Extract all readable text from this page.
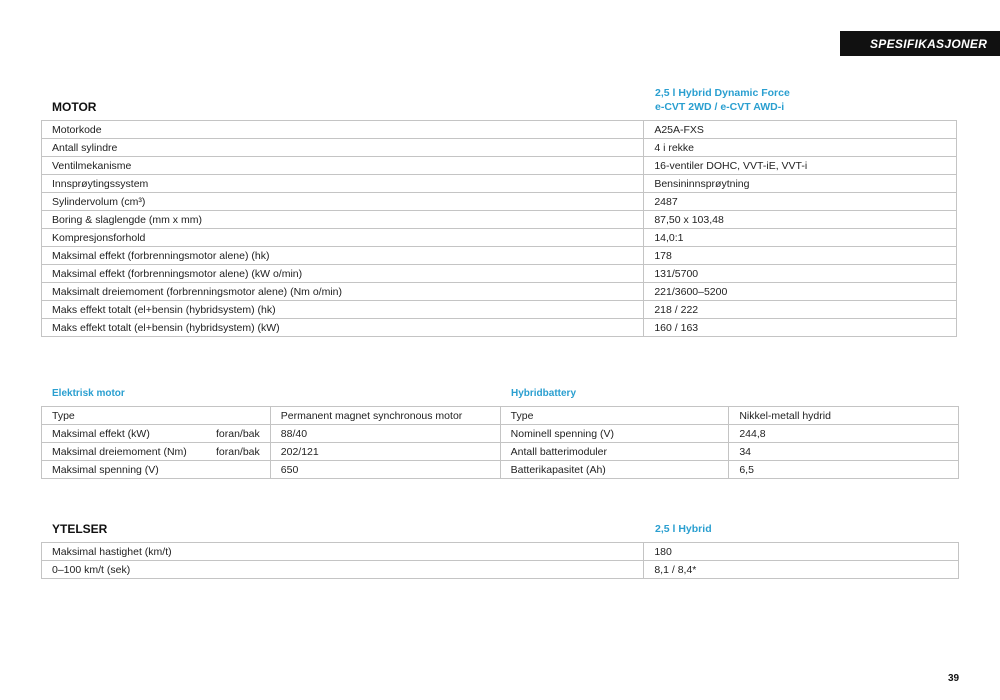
SPESIFIKASJONER
MOTOR
2,5 l Hybrid Dynamic Force
e-CVT 2WD / e-CVT AWD-i
Motorkode	A25A-FXS
Antall sylindre	4 i rekke
Ventilmekanisme	16-ventiler DOHC, VVT-iE, VVT-i
Innsprøytingssystem	Bensininnsprøytning
Sylindervolum (cm³)	2487
Boring & slaglengde (mm x mm)	87,50 x 103,48
Kompresjonsforhold	14,0:1
Maksimal effekt (forbrenningsmotor alene) (hk)	178
Maksimal effekt (forbrenningsmotor alene) (kW o/min)	131/5700
Maksimalt dreiemoment (forbrenningsmotor alene) (Nm o/min)	221/3600–5200
Maks effekt totalt (el+bensin (hybridsystem) (hk)	218 / 222
Maks effekt totalt (el+bensin (hybridsystem) (kW)	160 / 163
Elektrisk motor	Hybridbattery
Type	Permanent magnet synchronous motor	Type	Nikkel-metall hydrid
Maksimal effekt (kW) foran/bak	88/40	Nominell spenning (V)	244,8
Maksimal dreiemoment (Nm) foran/bak	202/121	Antall batterimoduler	34
Maksimal spenning (V)	650	Batterikapasitet (Ah)	6,5
YTELSER	2,5 l Hybrid
Maksimal hastighet (km/t)	180
0–100 km/t (sek)	8,1 / 8,4*
39
